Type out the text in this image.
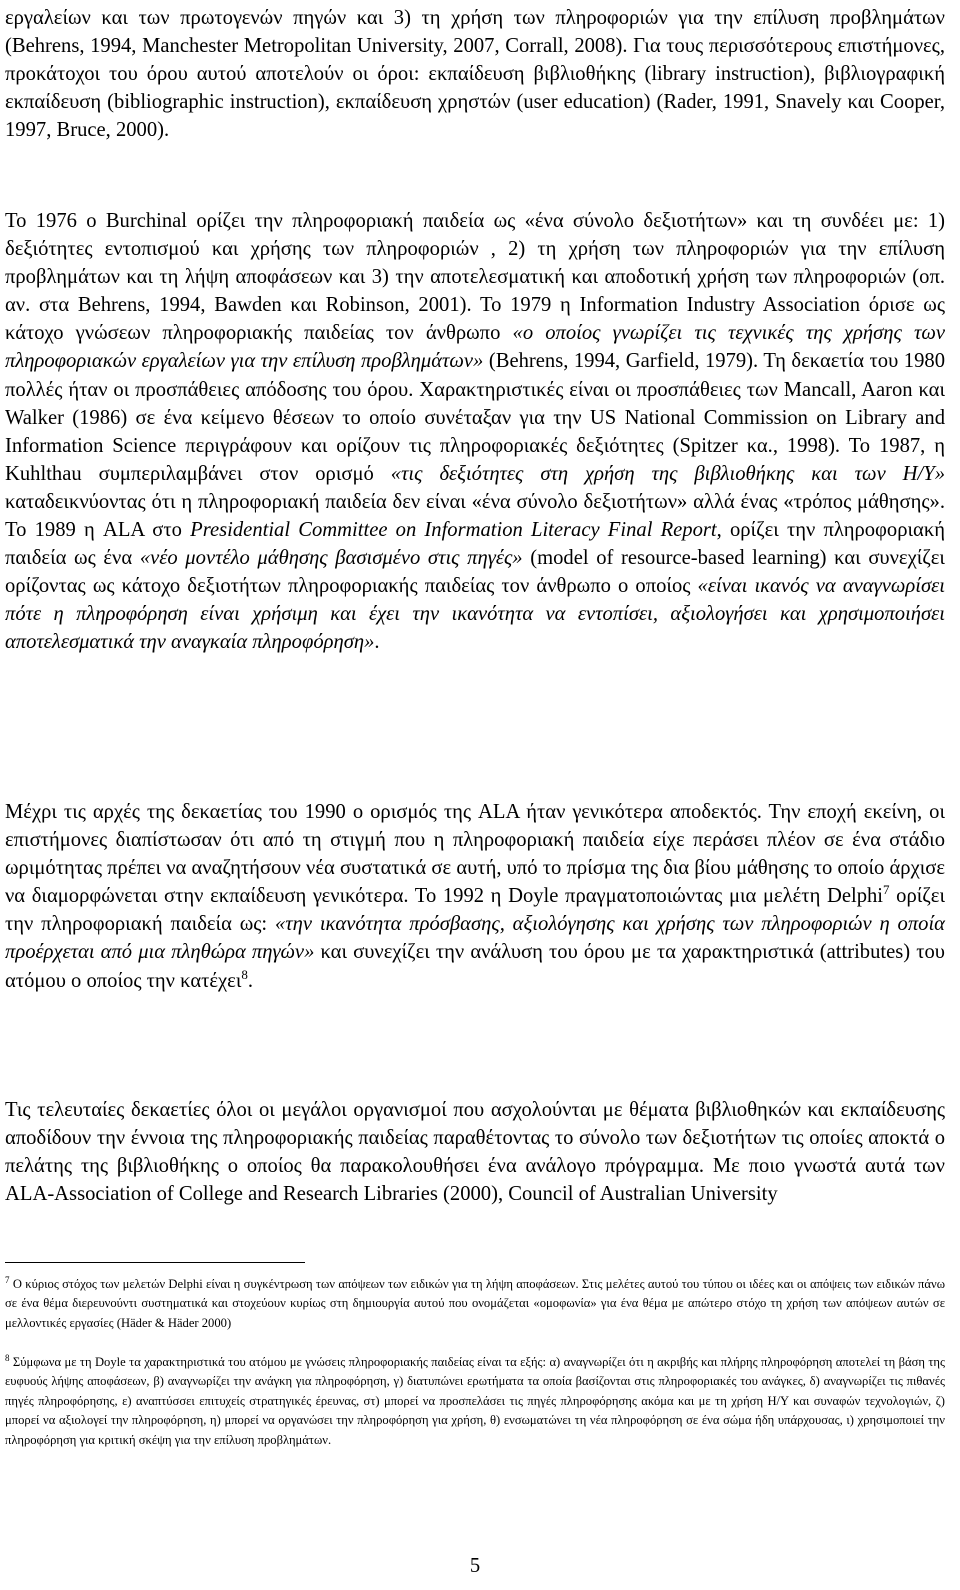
εργαλείων και των πρωτογενών πηγών και 3) τη χρήση των πληροφοριών για την επίλυση προβλημάτων (Behrens, 1994, Manchester Metropolitan University, 2007, Corrall, 2008). Για τους περισσότερους επιστήμονες, προκάτοχοι του όρου αυτού αποτελούν οι όροι: εκπαίδευση βιβλιοθήκης (library instruction), βιβλιογραφική εκπαίδευση (bibliographic instruction), εκπαίδευση χρηστών (user education) (Rader, 1991, Snavely και Cooper, 1997, Bruce, 2000).

Το 1976 ο Burchinal ορίζει την πληροφοριακή παιδεία ως «ένα σύνολο δεξιοτήτων» και τη συνδέει με: 1) δεξιότητες εντοπισμού και χρήσης των πληροφοριών , 2) τη χρήση των πληροφοριών για την επίλυση προβλημάτων και τη λήψη αποφάσεων και 3) την αποτελεσματική και αποδοτική χρήση των πληροφοριών (οπ. αν. στα Behrens, 1994, Bawden και Robinson, 2001). Το 1979 η Information Industry Association όρισε ως κάτοχο γνώσεων πληροφοριακής παιδείας τον άνθρωπο «ο οποίος γνωρίζει τις τεχνικές της χρήσης των πληροφοριακών εργαλείων για την επίλυση προβλημάτων» (Behrens, 1994, Garfield, 1979). Τη δεκαετία του 1980 πολλές ήταν οι προσπάθειες απόδοσης του όρου. Χαρακτηριστικές είναι οι προσπάθειες των Mancall, Aaron και Walker (1986) σε ένα κείμενο θέσεων το οποίο συνέταξαν για την US National Commission on Library and Information Science περιγράφουν και ορίζουν τις πληροφοριακές δεξιότητες (Spitzer κα., 1998). Το 1987, η Kuhlthau συμπεριλαμβάνει στον ορισμό «τις δεξιότητες στη χρήση της βιβλιοθήκης και των Η/Υ» καταδεικνύοντας ότι η πληροφοριακή παιδεία δεν είναι «ένα σύνολο δεξιοτήτων» αλλά ένας «τρόπος μάθησης». Το 1989 η ALA στο Presidential Committee on Information Literacy Final Report, ορίζει την πληροφοριακή παιδεία ως ένα «νέο μοντέλο μάθησης βασισμένο στις πηγές» (model of resource-based learning) και συνεχίζει ορίζοντας ως κάτοχο δεξιοτήτων πληροφοριακής παιδείας τον άνθρωπο ο οποίος «είναι ικανός να αναγνωρίσει πότε η πληροφόρηση είναι χρήσιμη και έχει την ικανότητα να εντοπίσει, αξιολογήσει και χρησιμοποιήσει αποτελεσματικά την αναγκαία πληροφόρηση».

Μέχρι τις αρχές της δεκαετίας του 1990 ο ορισμός της ALA ήταν γενικότερα αποδεκτός. Την εποχή εκείνη, οι επιστήμονες διαπίστωσαν ότι από τη στιγμή που η πληροφοριακή παιδεία είχε περάσει πλέον σε ένα στάδιο ωριμότητας πρέπει να αναζητήσουν νέα συστατικά σε αυτή, υπό το πρίσμα της δια βίου μάθησης το οποίο άρχισε να διαμορφώνεται στην εκπαίδευση γενικότερα. Το 1992 η Doyle πραγματοποιώντας μια μελέτη Delphi$^7$ ορίζει την πληροφοριακή παιδεία ως: «την ικανότητα πρόσβασης, αξιολόγησης και χρήσης των πληροφοριών η οποία προέρχεται από μια πληθώρα πηγών» και συνεχίζει την ανάλυση του όρου με τα χαρακτηριστικά (attributes) του ατόμου ο οποίος την κατέχει$^8$.

Τις τελευταίες δεκαετίες όλοι οι μεγάλοι οργανισμοί που ασχολούνται με θέματα βιβλιοθηκών και εκπαίδευσης αποδίδουν την έννοια της πληροφοριακής παιδείας παραθέτοντας το σύνολο των δεξιοτήτων τις οποίες αποκτά ο πελάτης της βιβλιοθήκης ο οποίος θα παρακολουθήσει ένα ανάλογο πρόγραμμα. Με ποιο γνωστά αυτά των ALA-Association of College and Research Libraries (2000), Council of Australian University

$^7$ Ο κύριος στόχος των μελετών Delphi είναι η συγκέντρωση των απόψεων των ειδικών για τη λήψη αποφάσεων. Στις μελέτες αυτού του τύπου οι ιδέες και οι απόψεις των ειδικών πάνω σε ένα θέμα διερευνούντι συστηματικά και στοχεύουν κυρίως στη δημιουργία αυτού που ονομάζεται «ομοφωνία» για ένα θέμα με απώτερο στόχο τη χρήση των απόψεων αυτών σε μελλοντικές εργασίες (Häder & Häder 2000)

$^8$ Σύμφωνα με τη Doyle τα χαρακτηριστικά του ατόμου με γνώσεις πληροφοριακής παιδείας είναι τα εξής: α) αναγνωρίζει ότι η ακριβής και πλήρης πληροφόρηση αποτελεί τη βάση της ευφυούς λήψης αποφάσεων, β) αναγνωρίζει την ανάγκη για πληροφόρηση, γ) διατυπώνει ερωτήματα τα οποία βασίζονται στις πληροφοριακές του ανάγκες, δ) αναγνωρίζει τις πιθανές πηγές πληροφόρησης, ε) αναπτύσσει επιτυχείς στρατηγικές έρευνας, στ) μπορεί να προσπελάσει τις πηγές πληροφόρησης ακόμα και με τη χρήση Η/Υ και συναφών τεχνολογιών, ζ) μπορεί να αξιολογεί την πληροφόρηση, η) μπορεί να οργανώσει την πληροφόρηση για χρήση, θ) ενσωματώνει τη νέα πληροφόρηση σε ένα σώμα ήδη υπάρχουσας, ι) χρησιμοποιεί την πληροφόρηση για κριτική σκέψη για την επίλυση προβλημάτων.

5
